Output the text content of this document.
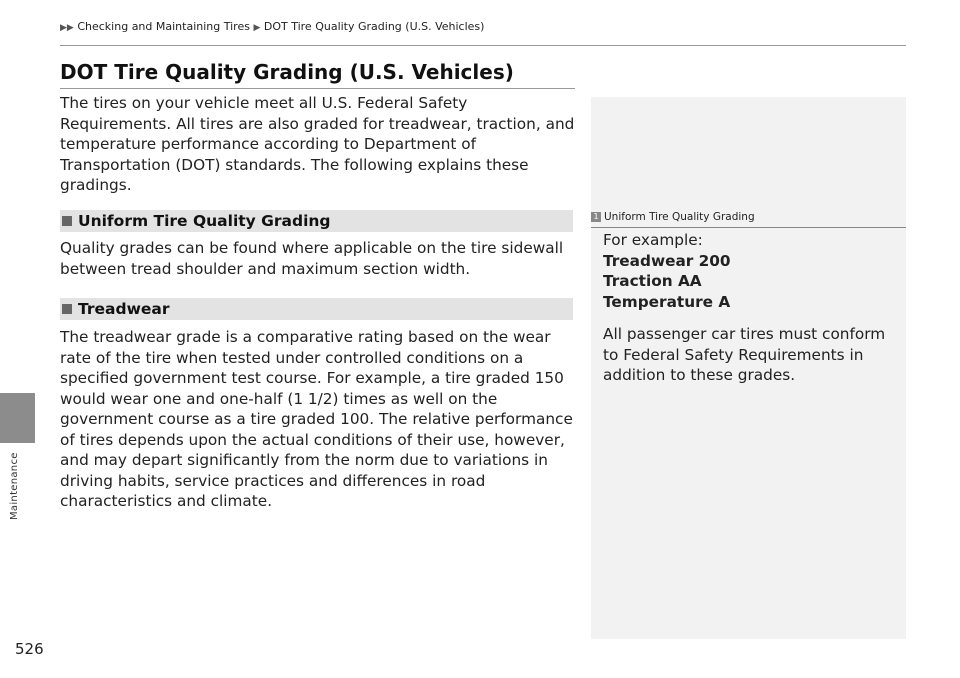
▶▶ Checking and Maintaining Tires ▶ DOT Tire Quality Grading (U.S. Vehicles)
Maintenance
526
DOT Tire Quality Grading (U.S. Vehicles)

The tires on your vehicle meet all U.S. Federal Safety Requirements. All tires are also graded for treadwear, traction, and temperature performance according to Department of Transportation (DOT) standards. The following explains these gradings.

Uniform Tire Quality Grading

Quality grades can be found where applicable on the tire sidewall between tread shoulder and maximum section width.

Treadwear

The treadwear grade is a comparative rating based on the wear rate of the tire when tested under controlled conditions on a specified government test course. For example, a tire graded 150 would wear one and one-half (1 1/2) times as well on the government course as a tire graded 100. The relative performance of tires depends upon the actual conditions of their use, however, and may depart significantly from the norm due to variations in driving habits, service practices and differences in road characteristics and climate.

1 Uniform Tire Quality Grading
For example:
Treadwear 200
Traction AA
Temperature A
All passenger car tires must conform to Federal Safety Requirements in addition to these grades.
